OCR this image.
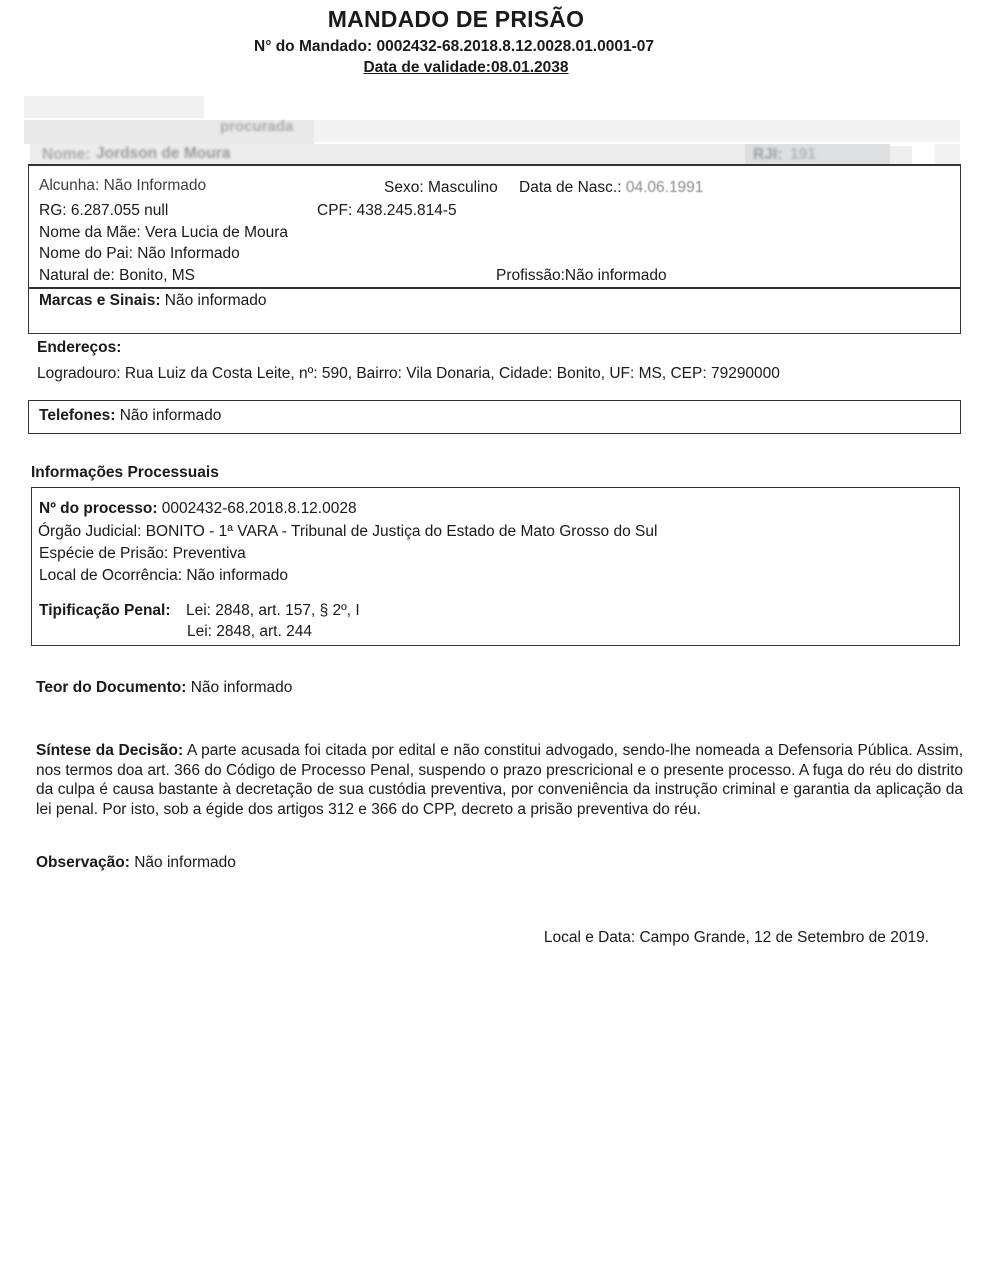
MANDADO DE PRISÃO
N° do Mandado: 0002432-68.2018.8.12.0028.01.0001-07
Data de validade:08.01.2038
procurada
Nome: Jordson de Moura	RJI: 191
Alcunha: Não Informado	Sexo: Masculino Data de Nasc.: 04.06.1991
RG: 6.287.055 null	CPF: 438.245.814-5
Nome da Mãe: Vera Lucia de Moura
Nome do Pai: Não Informado
Natural de: Bonito, MS	Profissão:Não informado
Marcas e Sinais: Não informado
Endereços:
Logradouro: Rua Luiz da Costa Leite, nº: 590, Bairro: Vila Donaria, Cidade: Bonito, UF: MS, CEP: 79290000
Telefones: Não informado
Informações Processuais
Nº do processo: 0002432-68.2018.8.12.0028
Órgão Judicial: BONITO - 1ª VARA - Tribunal de Justiça do Estado de Mato Grosso do Sul
Espécie de Prisão: Preventiva
Local de Ocorrência: Não informado
Tipificação Penal: Lei: 2848, art. 157, § 2º, I
Lei: 2848, art. 244
Teor do Documento: Não informado
Síntese da Decisão: A parte acusada foi citada por edital e não constitui advogado, sendo-lhe nomeada a Defensoria Pública. Assim, nos termos doa art. 366 do Código de Processo Penal, suspendo o prazo prescricional e o presente processo. A fuga do réu do distrito da culpa é causa bastante à decretação de sua custódia preventiva, por conveniência da instrução criminal e garantia da aplicação da lei penal. Por isto, sob a égide dos artigos 312 e 366 do CPP, decreto a prisão preventiva do réu.
Observação: Não informado
Local e Data: Campo Grande, 12 de Setembro de 2019.
